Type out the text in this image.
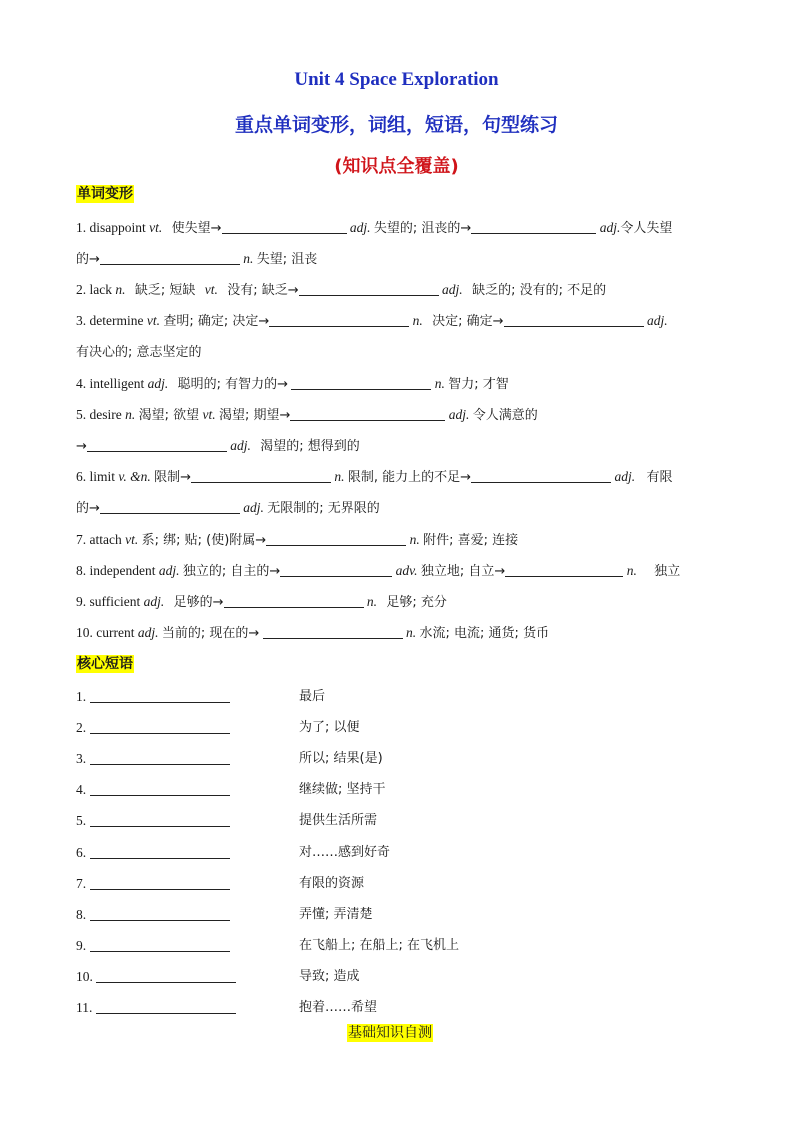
Unit 4 Space Exploration
重点单词变形，词组，短语，句型练习
(知识点全覆盖)
单词变形
1. disappoint vt. 使失望→	adj. 失望的; 沮丧的→	adj.令人失望
的→	n. 失望; 沮丧
2. lack n. 缺乏; 短缺 vt. 没有; 缺乏→	adj. 缺乏的; 没有的; 不足的
3. determine vt. 查明; 确定; 决定→	n. 决定; 确定→	adj.
有决心的; 意志坚定的
4. intelligent adj. 聪明的; 有智力的→	n. 智力; 才智
5. desire n. 渴望; 欲望 vt. 渴望; 期望→	adj. 令人满意的
→	adj. 渴望的; 想得到的
6. limit v. &n. 限制→	n. 限制, 能力上的不足→	adj. 有限
的→	adj. 无限制的; 无界限的
7. attach vt. 系; 绑; 贴; (使)附属→	n. 附件; 喜爱; 连接
8. independent adj. 独立的; 自主的→	adv. 独立地; 自立→	n. 独立
9. sufficient adj. 足够的→	n. 足够; 充分
10. current adj. 当前的; 现在的→	n. 水流; 电流; 通货; 货币
核心短语
1.	最后
2.	为了; 以便
3.	所以; 结果(是)
4.	继续做; 坚持干
5.	提供生活所需
6.	对……感到好奇
7.	有限的资源
8.	弄懂; 弄清楚
9.	在飞船上; 在船上; 在飞机上
10.	导致; 造成
11.	抱着……希望
基础知识自测
